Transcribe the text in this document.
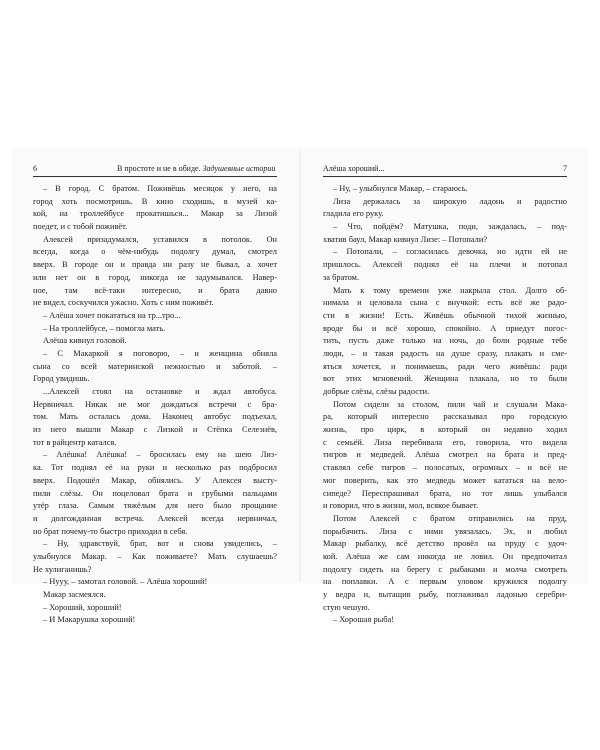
6	В простоте и не в обиде. Задушевные истории
– В город. С братом. Поживёшь месяцок у него, на
город хоть посмотришь. В кино сходишь, в музей ка-
кой, на троллейбусе прокатишься... Макар за Лизой
поедет, и с тобой поживёт.
Алексей призадумался, уставился в потолок. Он
всегда, когда о чём-нибудь подолгу думал, смотрел
вверх. В городе он и правда ни разу не бывал, а хочет
или нет он в город, никогда не задумывался. Навер-
ное, там всё-таки интересно, и брата давно
не видел, соскучился ужасно. Хоть с ним поживёт.
– Алёша хочет покататься на тр...тро...
– На троллейбусе, – помогла мать.
Алёша кивнул головой.
– С Макаркой я поговорю, – и женщина обняла
сына со всей материнской нежностью и заботой. –
Город увидишь.
...Алексей стоял на остановке и ждал автобуса.
Нервничал. Никак не мог дождаться встречи с бра-
том. Мать осталась дома. Наконец автобус подъехал,
из него вышли Макар с Лизкой и Стёпка Селезнёв,
тот в райцентр катался.
– Алёшка! Алёшка! – бросилась ему на шею Лиз-
ка. Тот поднял её на руки и несколько раз подбросил
вверх. Подошёл Макар, обнялись. У Алексея высту-
пили слёзы. Он поцеловал брата и грубыми пальцами
утёр глаза. Самым тяжёлым для него было прощание
и долгожданная встреча. Алексей всегда нервничал,
но брат почему-то быстро приходил в себя.
– Ну, здравствуй, брат, вот и снова увиделись, –
улыбнулся Макар. – Как поживаете? Мать слушаешь?
Не хулиганишь?
– Нууу, – замотал головой. – Алёша хороший!
Макар засмеялся.
– Хороший, хороший!
– И Макарушка хороший!
Алёша хороший...	7
– Ну, – улыбнулся Макар, – стараюсь.
Лиза держалась за широкую ладонь и радостно
гладила его руку.
– Что, пойдём? Матушка, поди, заждалась, – под-
хватив баул, Макар кивнул Лизе: – Потопали?
– Потопали, – согласилась девочка, но идти ей не
пришлось. Алексей поднял её на плечи и потопал
за братом.
Мать к тому времени уже накрыла стол. Долго об-
нимала и целовала сына с внучкой: есть всё же радо-
сти в жизни! Есть. Живёшь обычной тихой жизнью,
вроде бы и всё хорошо, спокойно. А приедут погос-
тить, пусть даже только на ночь, до боли родные тебе
люди, – и такая радость на душе сразу, плакать и сме-
яться хочется, и понимаешь, ради чего живёшь: ради
вот этих мгновений. Женщина плакала, но то были
добрые слёзы, слёзы радости.
Потом сидели за столом, пили чай и слушали Мака-
ра, который интересно рассказывал про городскую
жизнь, про цирк, в который он недавно ходил
с семьёй. Лиза перебивала его, говорила, что видела
тигров и медведей. Алёша смотрел на брата и пред-
ставлял себе тигров – полосатых, огромных – и всё не
мог поверить, как это медведь может кататься на вело-
сипеде? Переспрашивал брата, но тот лишь улыбался
и говорил, что в жизни, мол, всякое бывает.
Потом Алексей с братом отправились на пруд,
порыбачить. Лиза с ними увязалась. Эх, и любил
Макар рыбалку, всё детство провёл на пруду с удоч-
кой. Алёша же сам никогда не ловил. Он предпочитал
подолгу сидеть на берегу с рыбаками и молча смотреть
на поплавки. А с первым уловом кружился подолгу
у ведра и, вытащив рыбу, поглаживал ладонью серебри-
стую чешую.
– Хорошая рыба!
